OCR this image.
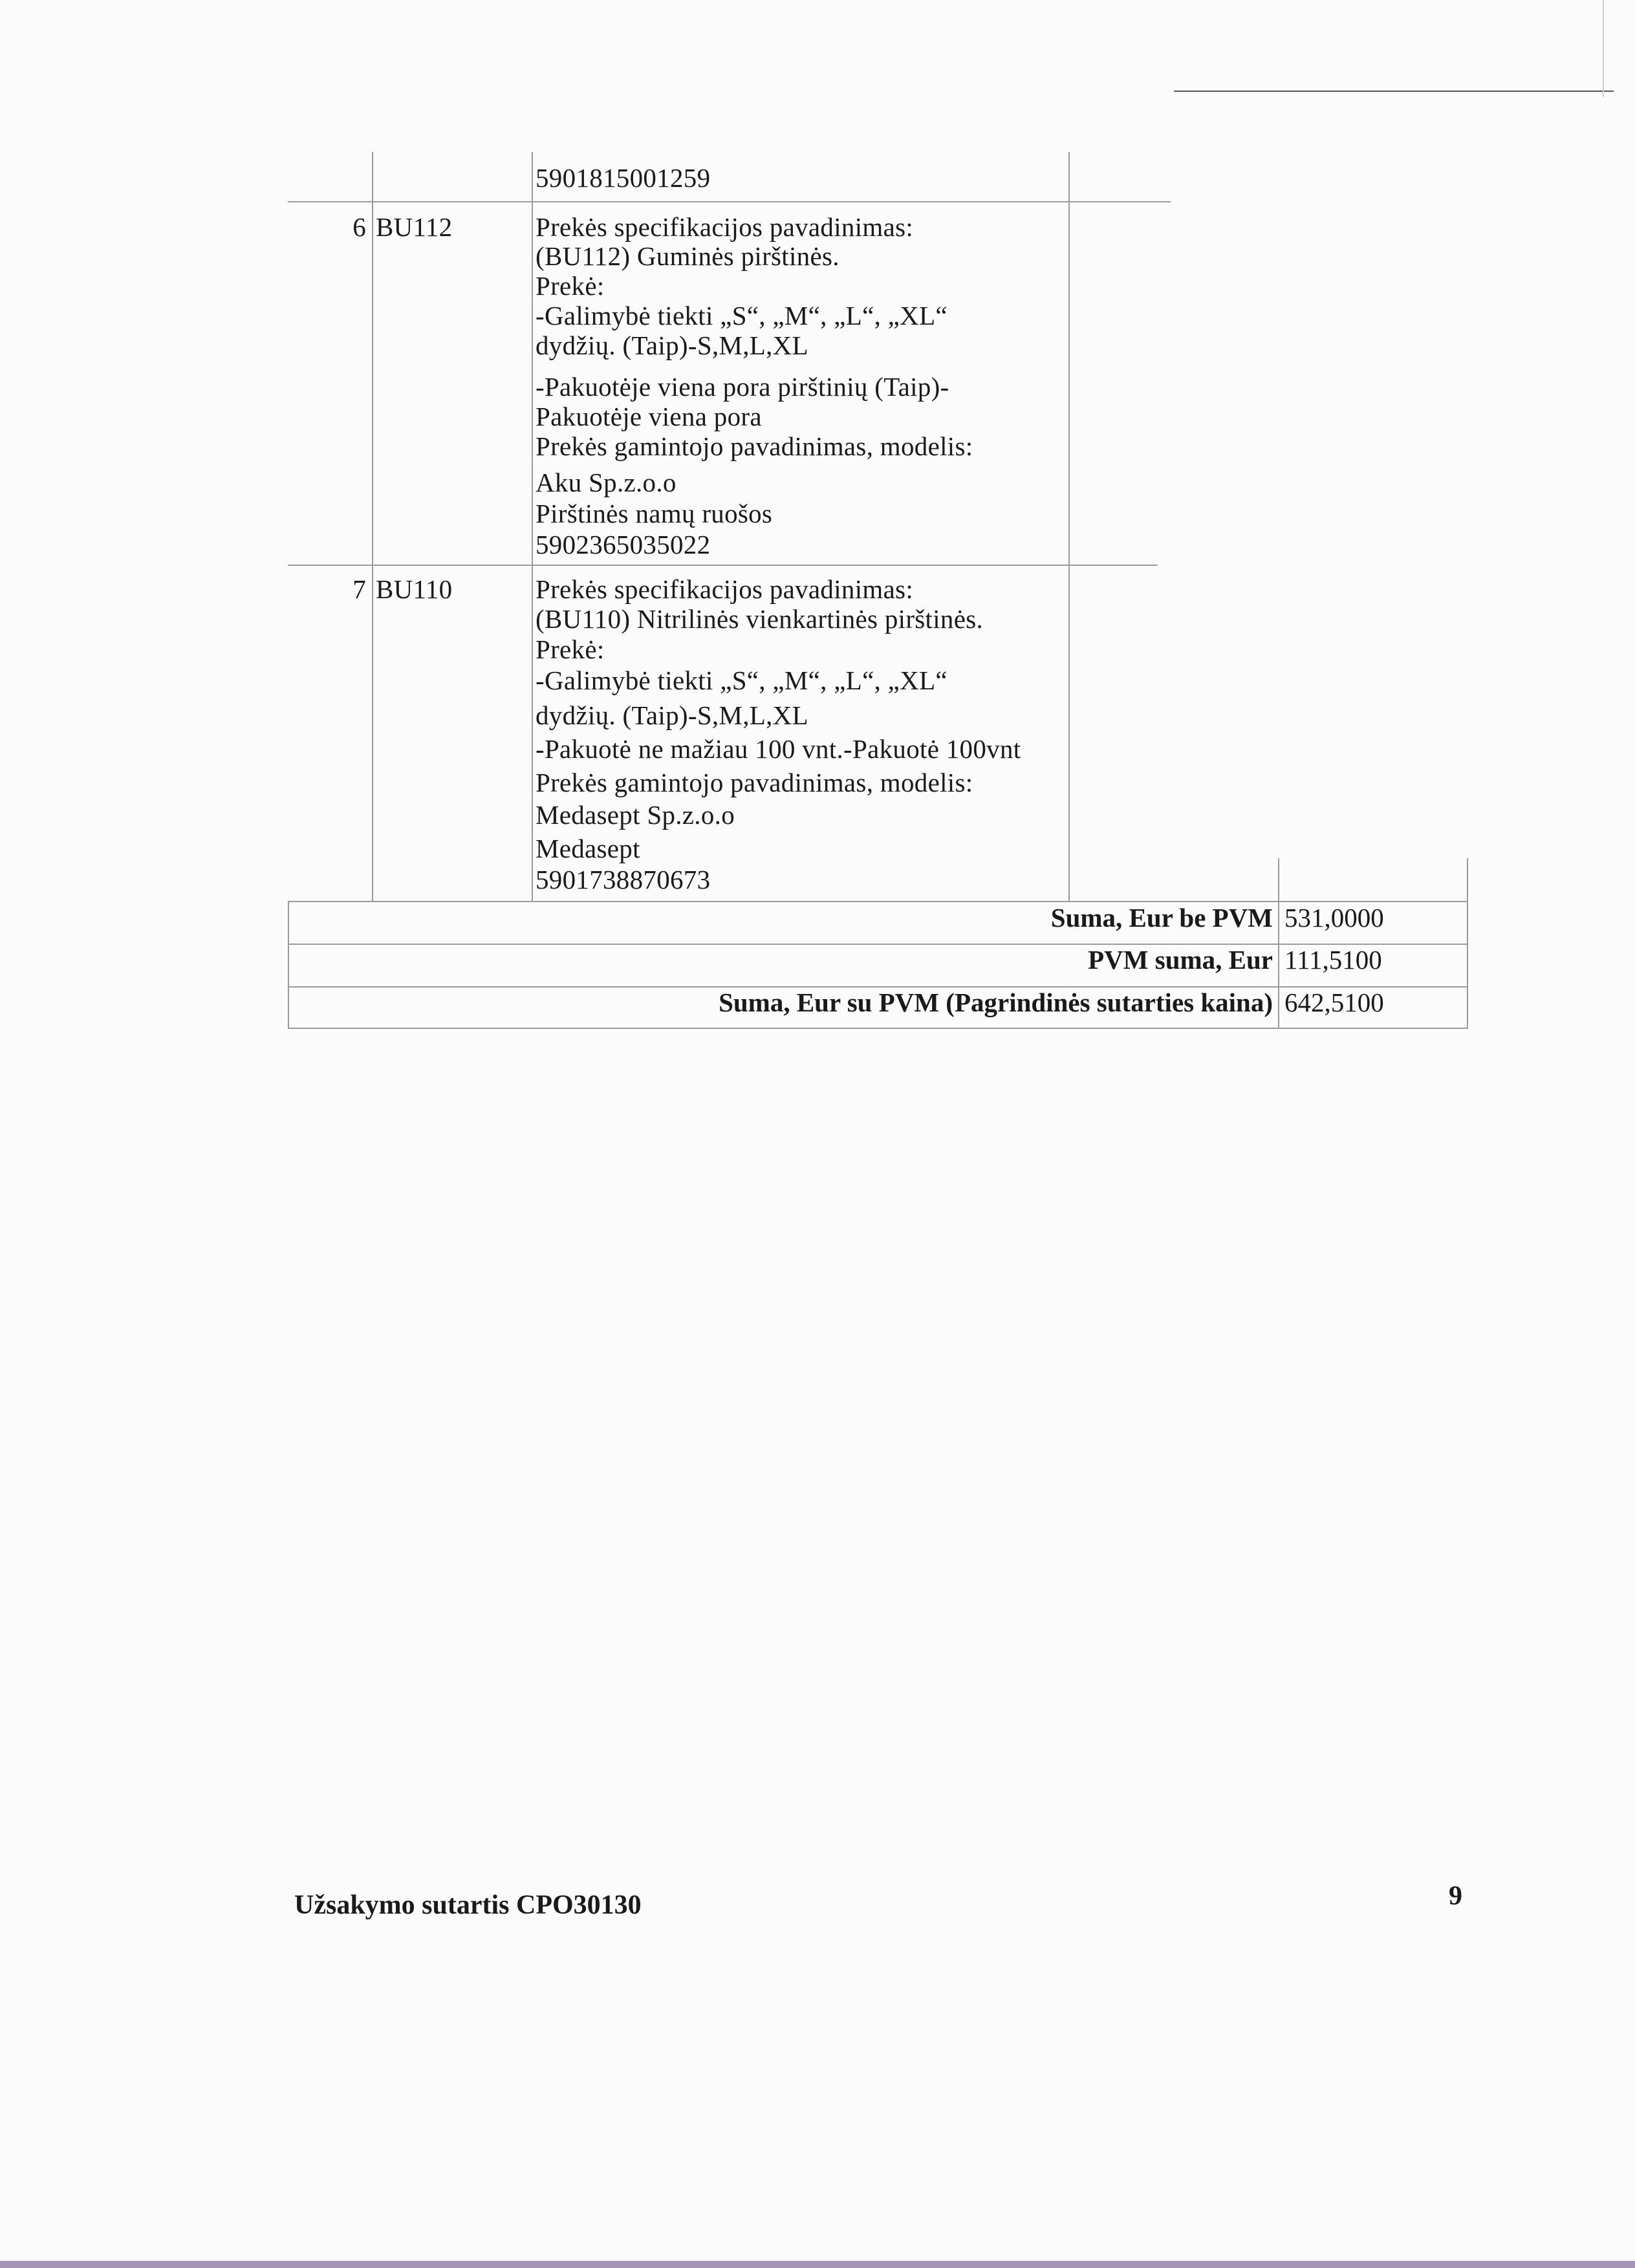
5901815001259
6 BU112	Prekės specifikacijos pavadinimas:
(BU112) Guminės pirštinės.
Prekė:
-Galimybė tiekti „S“, „M“, „L“, „XL“
dydžių. (Taip)-S,M,L,XL
-Pakuotėje viena pora pirštinių (Taip)-
Pakuotėje viena pora
Prekės gamintojo pavadinimas, modelis:
Aku Sp.z.o.o
Pirštinės namų ruošos
5902365035022
7 BU110	Prekės specifikacijos pavadinimas:
(BU110) Nitrilinės vienkartinės pirštinės.
Prekė:
-Galimybė tiekti „S“, „M“, „L“, „XL“
dydžių. (Taip)-S,M,L,XL
-Pakuotė ne mažiau 100 vnt.-Pakuotė 100vnt
Prekės gamintojo pavadinimas, modelis:
Medasept Sp.z.o.o
Medasept
5901738870673
Suma, Eur be PVM 531,0000
PVM suma, Eur 111,5100
Suma, Eur su PVM (Pagrindinės sutarties kaina) 642,5100
Užsakymo sutartis CPO30130	9
